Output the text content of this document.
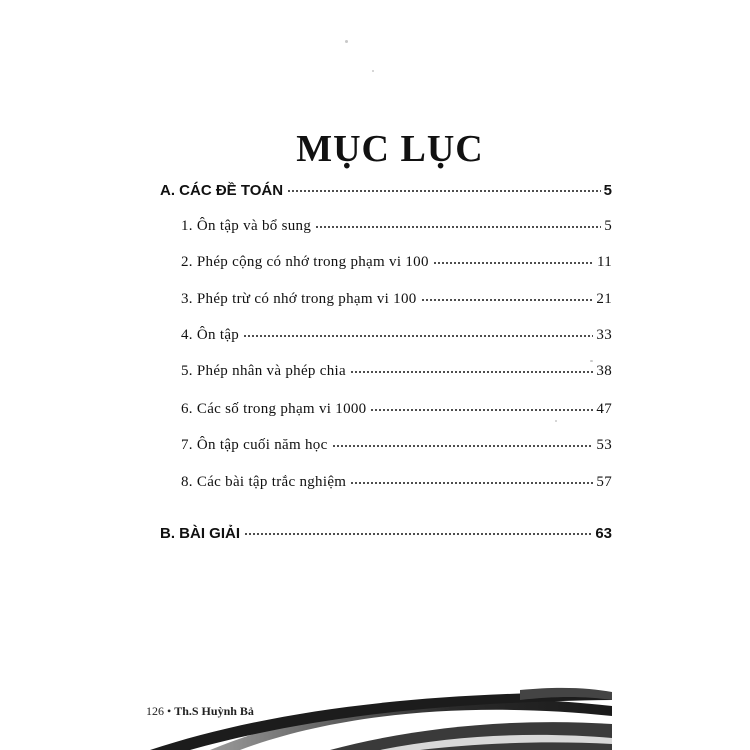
MỤC LỤC
A. CÁC ĐỀ TOÁN	5
1. Ôn tập và bổ sung	5
2. Phép cộng có nhớ trong phạm vi 100	11
3. Phép trừ có nhớ trong phạm vi 100	21
4. Ôn tập	33
5. Phép nhân và phép chia	38
6. Các số trong phạm vi 1000	47
7. Ôn tập cuối năm học	53
8. Các bài tập trắc nghiệm	57
B. BÀI GIẢI	63
126 • Th.S Huỳnh Bả
